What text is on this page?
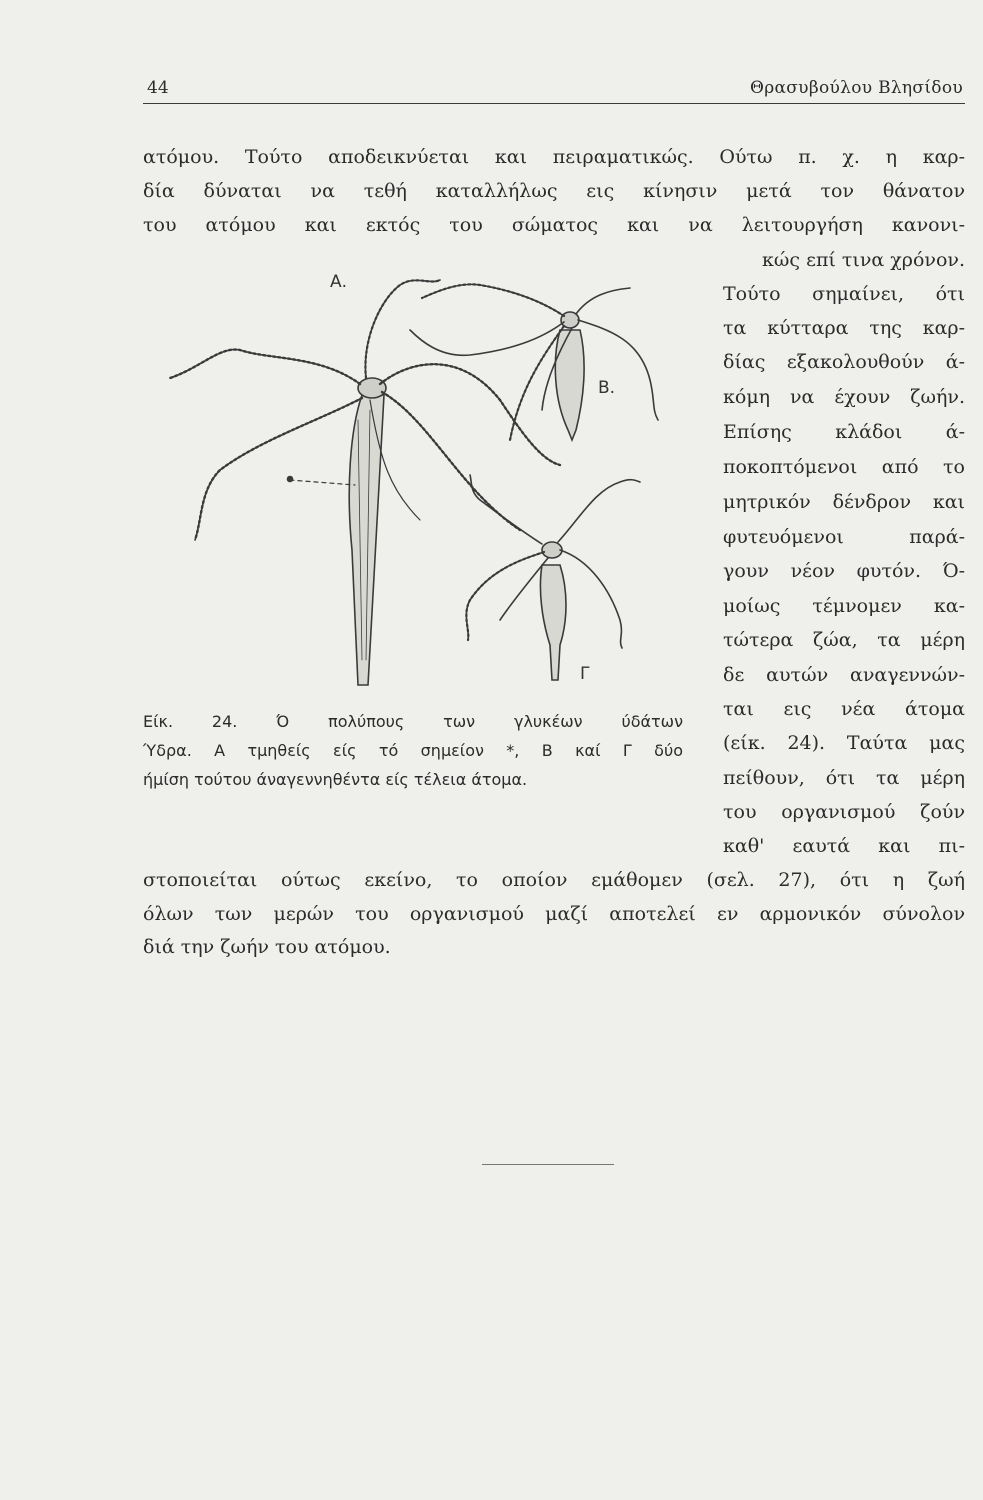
44	Θρασυβούλου Βλησίδου
ατόμου. Τούτο αποδεικνύεται και πειραματικώς. Ούτω π. χ. η καρ-
δία δύναται να τεθή καταλλήλως εις κίνησιν μετά τον θάνατον
του ατόμου και εκτός του σώματος και να λειτουργήση κανονι-
κώς επί τινα χρόνον.
Τούτο σημαίνει, ότι
τα κύτταρα της καρ-
δίας εξακολουθούν ά-
κόμη να έχουν ζωήν.
Επίσης κλάδοι ά-
ποκοπτόμενοι από το
μητρικόν δένδρον και
φυτευόμενοι παρά-
γουν νέον φυτόν. Ό-
μοίως τέμνομεν κα-
τώτερα ζώα, τα μέρη
δε αυτών αναγεννών-
ται εις νέα άτομα
(είκ. 24). Ταύτα μας
πείθουν, ότι τα μέρη
του οργανισμού ζούν
καθ' εαυτά και πι-
στοποιείται ούτως εκείνο, το οποίον εμάθομεν (σελ. 27), ότι η ζωή
όλων των μερών του οργανισμού μαζί αποτελεί εν αρμονικόν σύνολον
διά την ζωήν του ατόμου.
Α.
Β.
Γ
Είκ. 24. Ό πολύπους των γλυκέων ύδάτων
Ύδρα. Α τμηθείς είς τό σημείον *, Β καί Γ δύο
ήμίση τούτου άναγεννηθέντα είς τέλεια άτομα.
